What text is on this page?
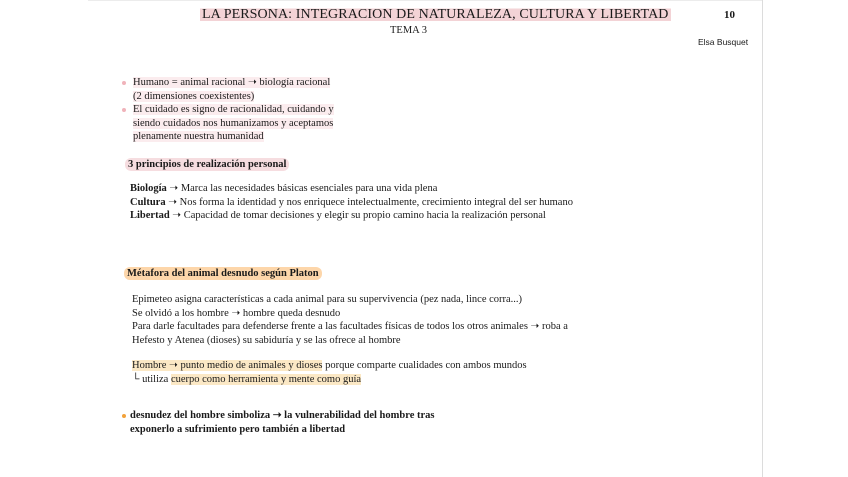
LA PERSONA: INTEGRACION DE NATURALEZA, CULTURA Y LIBERTAD
TEMA 3
10
Elsa Busquet
Humano = animal racional ➝ biología racional
(2 dimensiones coexistentes)
El cuidado es signo de racionalidad, cuidando y
siendo cuidados nos humanizamos y aceptamos
plenamente nuestra humanidad
3 principios de realización personal
Biología ➝ Marca las necesidades básicas esenciales para una vida plena
Cultura ➝ Nos forma la identidad y nos enriquece intelectualmente, crecimiento integral del ser humano
Libertad ➝ Capacidad de tomar decisiones y elegir su propio camino hacia la realización personal
Métafora del animal desnudo según Platon
Epimeteo asigna características a cada animal para su supervivencia (pez nada, lince corra...)
Se olvidó a los hombre ➝ hombre queda desnudo
Para darle facultades para defenderse frente a las facultades físicas de todos los otros animales ➝ roba a
Hefesto y Atenea (dioses) su sabiduría y se las ofrece al hombre
Hombre ➝ punto medio de animales y dioses porque comparte cualidades con ambos mundos
└ utiliza cuerpo como herramienta y mente como guía
desnudez del hombre simboliza ➝ la vulnerabilidad del hombre tras
exponerlo a sufrimiento pero también a libertad
